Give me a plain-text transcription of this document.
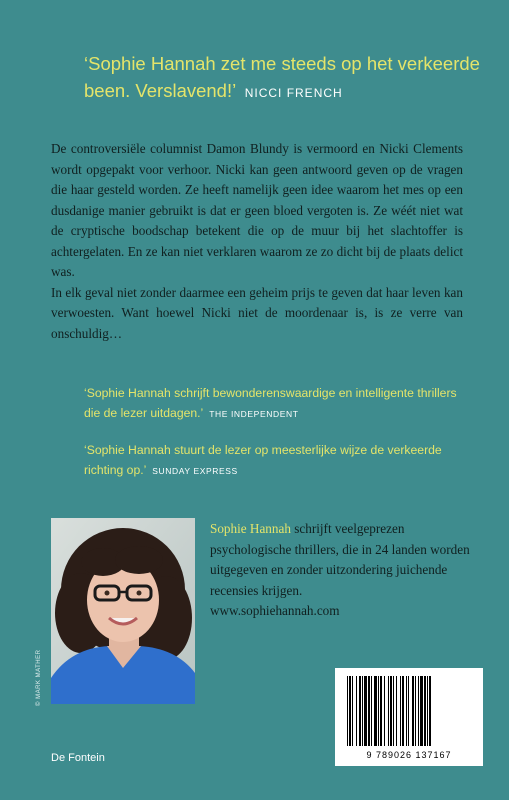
‘Sophie Hannah zet me steeds op het verkeerde been. Verslavend!’ NICCI FRENCH

De controversiële columnist Damon Blundy is vermoord en Nicki Clements wordt opgepakt voor verhoor. Nicki kan geen antwoord geven op de vragen die haar gesteld worden. Ze heeft namelijk geen idee waarom het mes op een dusdanige manier gebruikt is dat er geen bloed vergoten is. Ze wéét niet wat de cryptische boodschap betekent die op de muur bij het slachtoffer is achtergelaten. En ze kan niet verklaren waarom ze zo dicht bij de plaats delict was.

In elk geval niet zonder daarmee een geheim prijs te geven dat haar leven kan verwoesten. Want hoewel Nicki niet de moordenaar is, is ze verre van onschuldig…

‘Sophie Hannah schrijft bewonderenswaardige en intelligente thrillers die de lezer uitdagen.’ THE INDEPENDENT
‘Sophie Hannah stuurt de lezer op meesterlijke wijze de verkeerde richting op.’ SUNDAY EXPRESS
© MARK MATHER
Sophie Hannah schrijft veelgeprezen psychologische thrillers, die in 24 landen worden uitgegeven en zonder uitzondering juichende recensies krijgen.
www.sophiehannah.com
De Fontein	9 789026 137167
